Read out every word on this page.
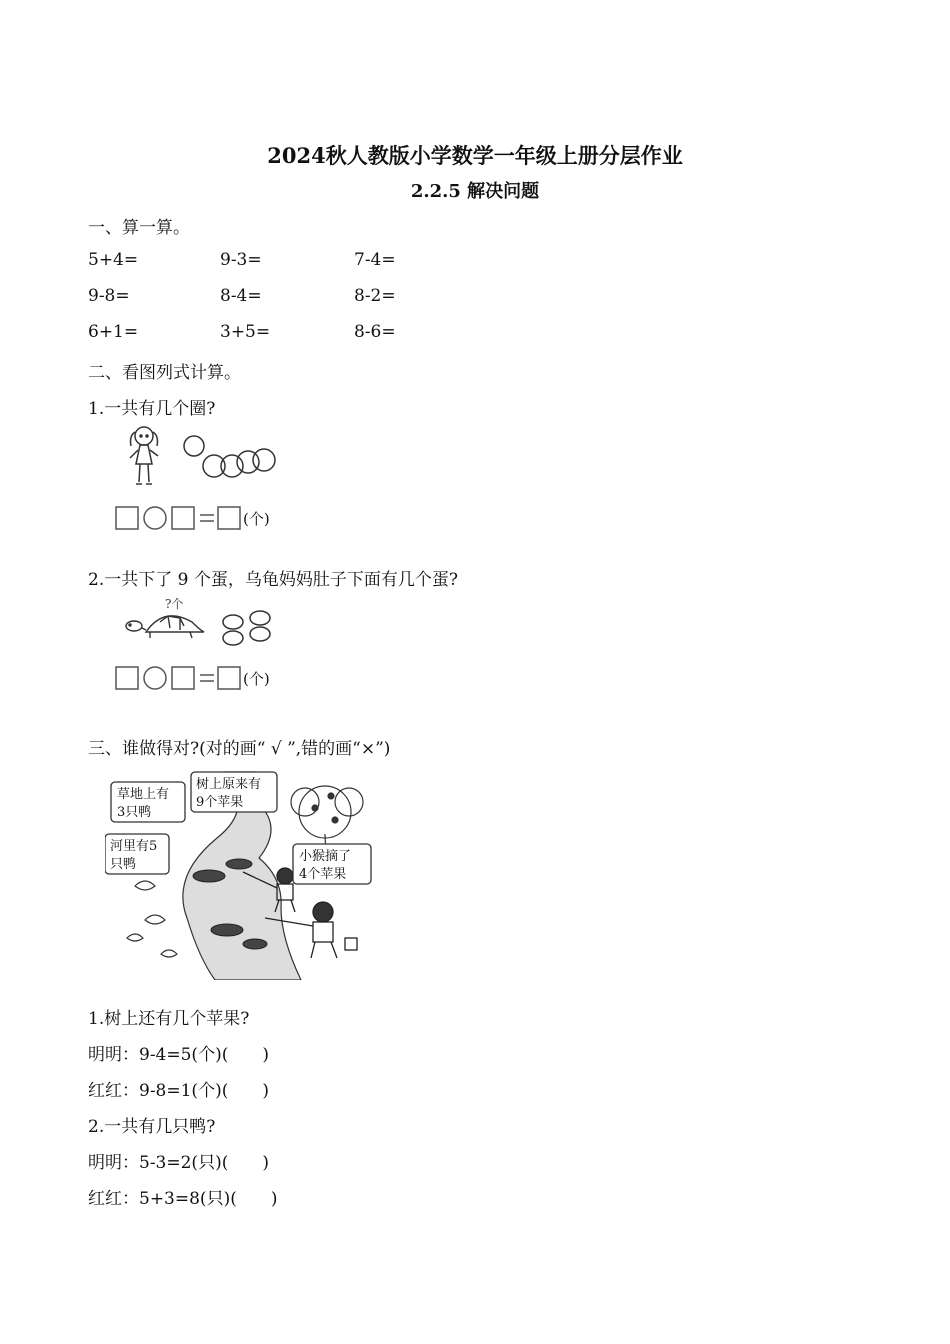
2024秋人教版小学数学一年级上册分层作业
2.2.5 解决问题
一、算一算。
5+4=	9-3=	7-4=
9-8=	8-4=	8-2=
6+1=	3+5=	8-6=
二、看图列式计算。
1.一共有几个圈?
(个)
2.一共下了 9 个蛋，乌龟妈妈肚子下面有几个蛋?
?个
(个)
三、谁做得对?(对的画“ √ ”,错的画“×”)
草地上有
3只鸭
树上原来有
9个苹果
河里有5
只鸭
小猴摘了
4个苹果
1.树上还有几个苹果?
明明：9-4=5(个)(　　)
红红：9-8=1(个)(　　)
2.一共有几只鸭?
明明：5-3=2(只)(　　)
红红：5+3=8(只)(　　)
